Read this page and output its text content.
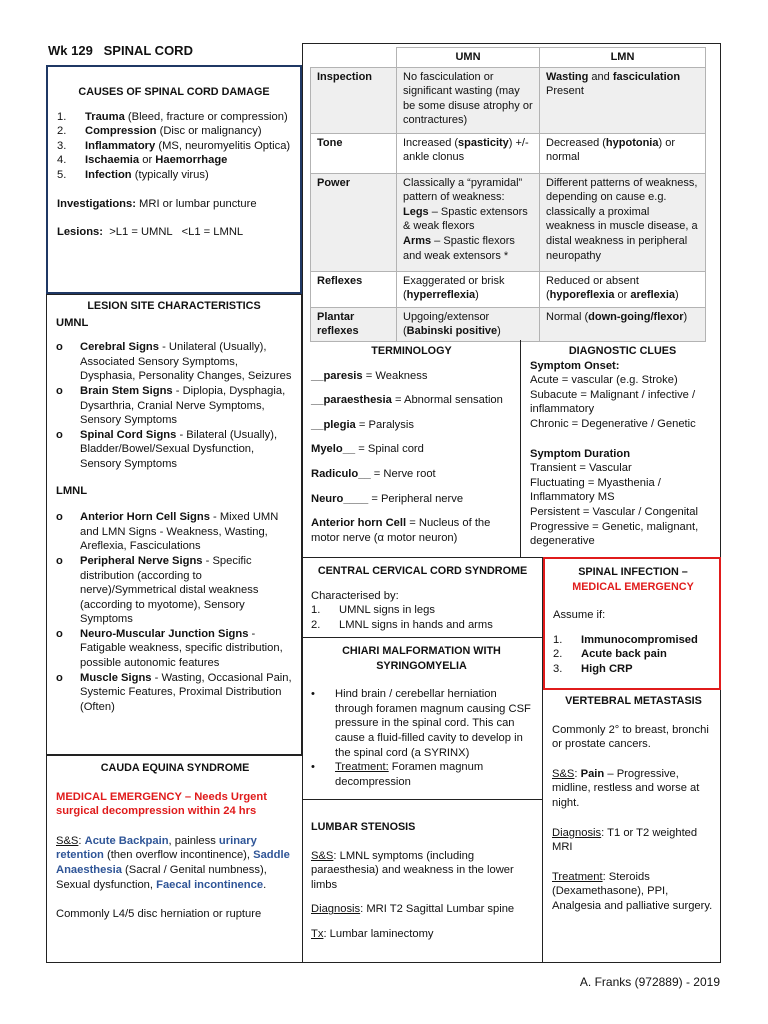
Wk 129   SPINAL CORD
CAUSES OF SPINAL CORD DAMAGE
1.	Trauma (Bleed, fracture or compression)
2.	Compression (Disc or malignancy)
3.	Inflammatory (MS, neuromyelitis Optica)
4.	Ischaemia or Haemorrhage
5.	Infection (typically virus)
Investigations: MRI or lumbar puncture
Lesions:  >L1 = UMNL   <L1 = LMNL
	UMN	LMN
Inspection	No fasciculation or significant wasting (may be some disuse atrophy or contractures)	Wasting and fasciculation
Present
Tone	Increased (spasticity) +/- ankle clonus	Decreased (hypotonia) or normal
Power	Classically a “pyramidal” pattern of weakness:
Legs – Spastic extensors & weak flexors
Arms – Spastic flexors and weak extensors *	Different patterns of weakness, depending on cause e.g. classically a proximal weakness in muscle disease, a distal weakness in peripheral neuropathy
Reflexes	Exaggerated or brisk (hyperreflexia)	Reduced or absent (hyporeflexia or areflexia)
Plantar reflexes	Upgoing/extensor (Babinski positive)	Normal (down-going/flexor)
LESION SITE CHARACTERISTICS
UMNL
o	Cerebral Signs - Unilateral (Usually), Associated Sensory Symptoms, Dysphasia, Personality Changes, Seizures
o	Brain Stem Signs - Diplopia, Dysphagia, Dysarthria, Cranial Nerve Symptoms, Sensory Symptoms
o	Spinal Cord Signs - Bilateral (Usually), Bladder/Bowel/Sexual Dysfunction, Sensory Symptoms
LMNL
o	Anterior Horn Cell Signs - Mixed UMN and LMN Signs - Weakness, Wasting, Areflexia, Fasciculations
o	Peripheral Nerve Signs - Specific distribution (according to nerve)/Symmetrical distal weakness (according to myotome), Sensory Symptoms
o	Neuro-Muscular Junction Signs - Fatigable weakness, specific distribution, possible autonomic features
o	Muscle Signs - Wasting, Occasional Pain, Systemic Features, Proximal Distribution (Often)
TERMINOLOGY
__paresis = Weakness
__paraesthesia = Abnormal sensation
__plegia = Paralysis
Myelo__ = Spinal cord
Radiculo__ = Nerve root
Neuro____ = Peripheral nerve
Anterior horn Cell = Nucleus of the motor nerve (α motor neuron)
DIAGNOSTIC CLUES
Symptom Onset:
Acute = vascular (e.g. Stroke)
Subacute = Malignant / infective / inflammatory
Chronic = Degenerative / Genetic
Symptom Duration
Transient = Vascular
Fluctuating = Myasthenia / Inflammatory MS
Persistent = Vascular / Congenital
Progressive = Genetic, malignant, degenerative
CENTRAL CERVICAL CORD SYNDROME
Characterised by:
1.	UMNL signs in legs
2.	LMNL signs in hands and arms
SPINAL INFECTION –
MEDICAL EMERGENCY
Assume if:
1.	Immunocompromised
2.	Acute back pain
3.	High CRP
CHIARI MALFORMATION WITH SYRINGOMYELIA
•	Hind brain / cerebellar herniation through foramen magnum causing CSF pressure in the spinal cord. This can cause a fluid-filled cavity to develop in the spinal cord (a SYRINX)
•	Treatment: Foramen magnum decompression
VERTEBRAL METASTASIS
Commonly 2° to breast, bronchi or prostate cancers.
S&S: Pain – Progressive, midline, restless and worse at night.
Diagnosis: T1 or T2 weighted MRI
Treatment: Steroids (Dexamethasone), PPI, Analgesia and palliative surgery.
CAUDA EQUINA SYNDROME
MEDICAL EMERGENCY – Needs Urgent surgical decompression within 24 hrs
S&S: Acute Backpain, painless urinary retention (then overflow incontinence), Saddle Anaesthesia (Sacral / Genital numbness), Sexual dysfunction, Faecal incontinence.
Commonly L4/5 disc herniation or rupture
LUMBAR STENOSIS
S&S: LMNL symptoms (including paraesthesia) and weakness in the lower limbs
Diagnosis: MRI T2 Sagittal Lumbar spine
Tx: Lumbar laminectomy
A. Franks (972889) - 2019
